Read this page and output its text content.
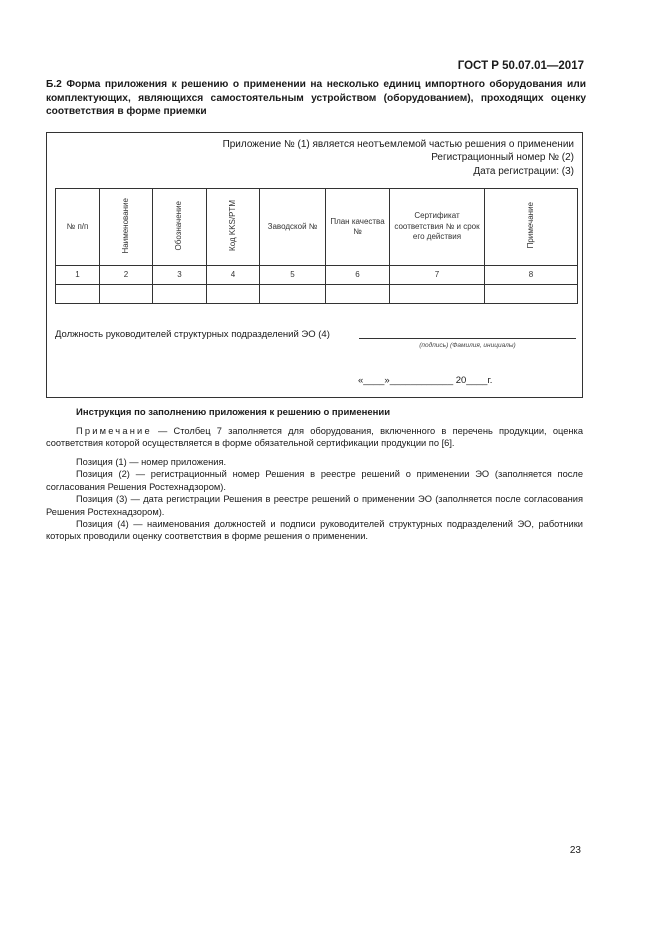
ГОСТ Р 50.07.01—2017
Б.2 Форма приложения к решению о применении на несколько единиц импортного оборудования или комплектующих, являющихся самостоятельным устройством (оборудованием), проходящих оценку соответствия в форме приемки
Приложение № (1) является неотъемлемой частью решения о применении
Регистрационный номер № (2)
Дата регистрации: (3)
№ п/п	Наименование	Обозначение	Код KKS/PTM	Заводской №	План качества №	Сертификат соответствия № и срок его действия	Примечание
1	2	3	4	5	6	7	8

Должность руководителей структурных подразделений ЭО (4)
(подпись) (Фамилия, инициалы)
«____»____________ 20____г.
Инструкция по заполнению приложения к решению о применении

Примечание — Столбец 7 заполняется для оборудования, включенного в перечень продукции, оценка соответствия которой осуществляется в форме обязательной сертификации продукции по [6].

Позиция (1) — номер приложения.

Позиция (2) — регистрационный номер Решения в реестре решений о применении ЭО (заполняется после согласования Решения Ростехнадзором).

Позиция (3) — дата регистрации Решения в реестре решений о применении ЭО (заполняется после согласования Решения Ростехнадзором).

Позиция (4) — наименования должностей и подписи руководителей структурных подразделений ЭО, работники которых проводили оценку соответствия в форме решения о применении.

23
